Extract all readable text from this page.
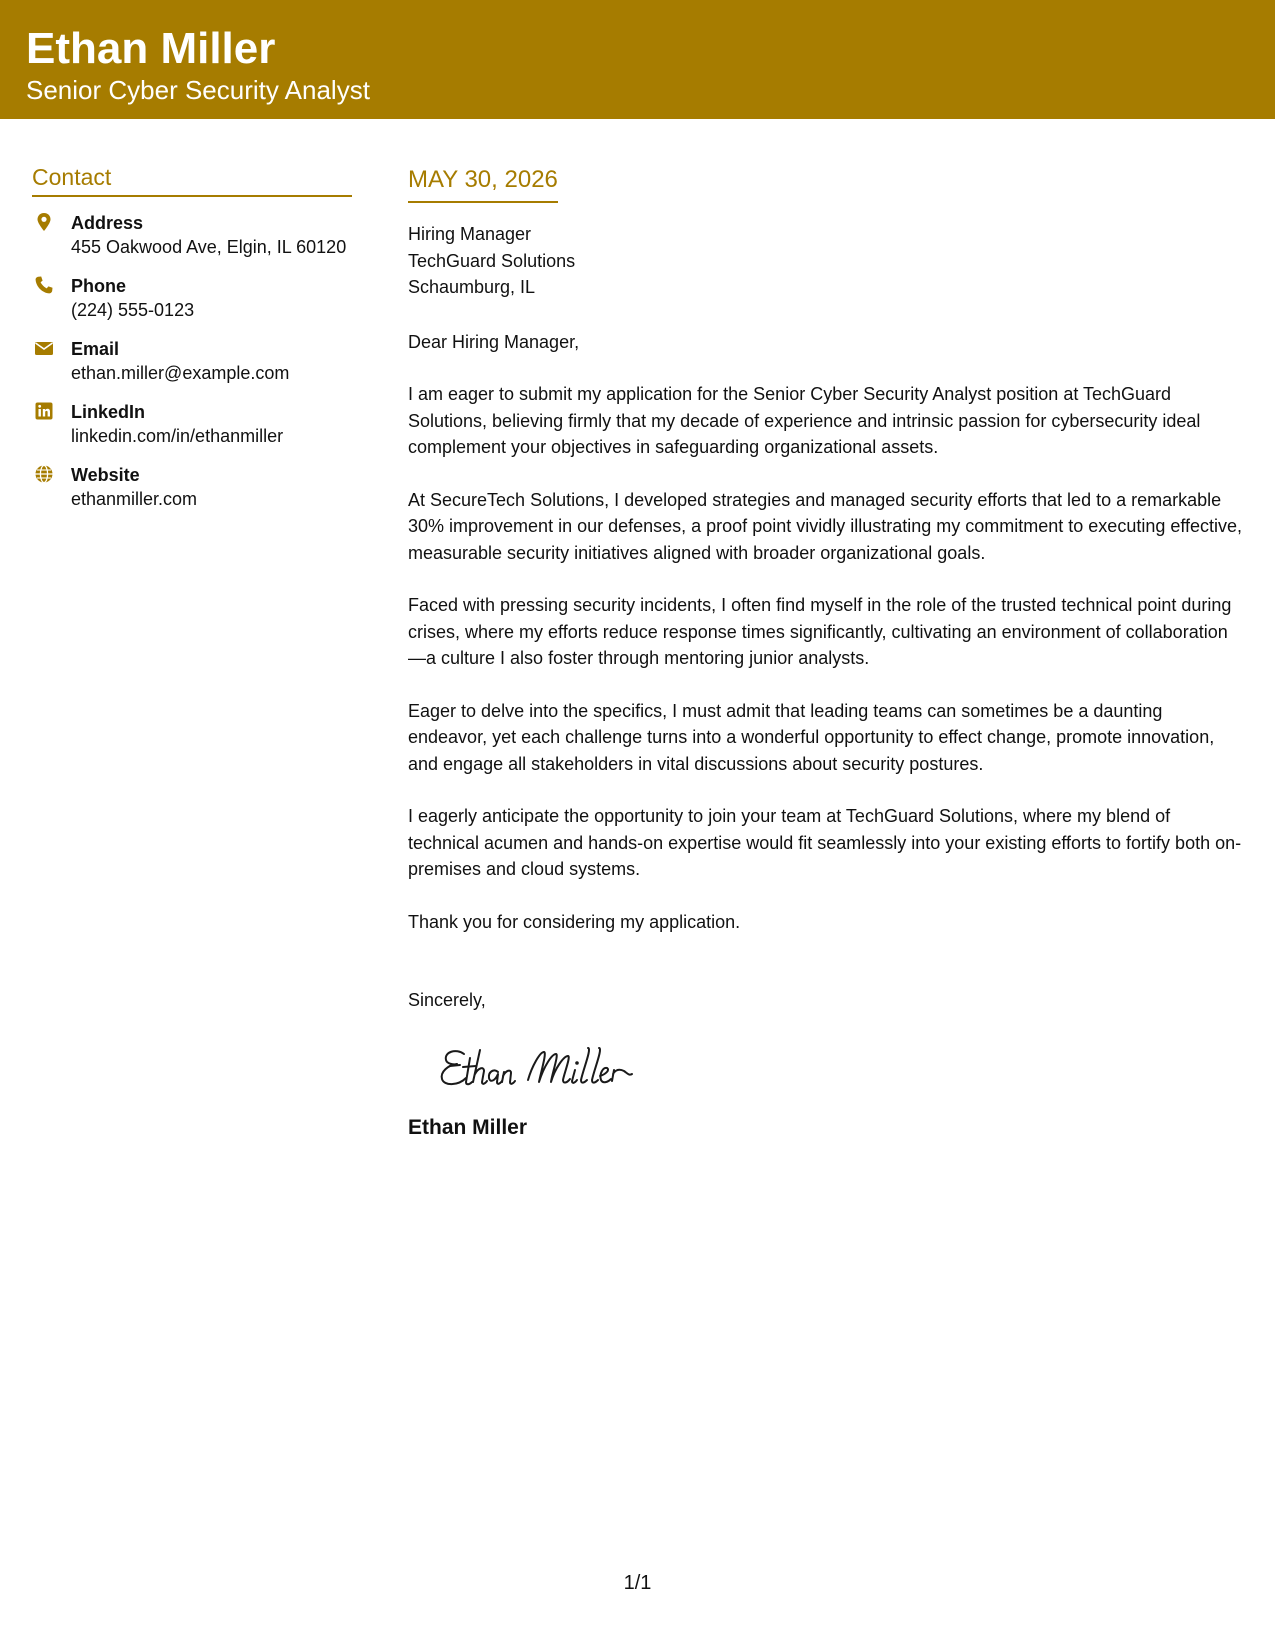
Ethan Miller
Senior Cyber Security Analyst
Contact
Address
455 Oakwood Ave, Elgin, IL 60120
Phone
(224) 555-0123
Email
ethan.miller@example.com
LinkedIn
linkedin.com/in/ethanmiller
Website
ethanmiller.com
MAY 30, 2026
Hiring Manager
TechGuard Solutions
Schaumburg, IL
Dear Hiring Manager,
I am eager to submit my application for the Senior Cyber Security Analyst position at TechGuard Solutions, believing firmly that my decade of experience and intrinsic passion for cybersecurity ideal complement your objectives in safeguarding organizational assets.
At SecureTech Solutions, I developed strategies and managed security efforts that led to a remarkable 30% improvement in our defenses, a proof point vividly illustrating my commitment to executing effective, measurable security initiatives aligned with broader organizational goals.
Faced with pressing security incidents, I often find myself in the role of the trusted technical point during crises, where my efforts reduce response times significantly, cultivating an environment of collaboration—a culture I also foster through mentoring junior analysts.
Eager to delve into the specifics, I must admit that leading teams can sometimes be a daunting endeavor, yet each challenge turns into a wonderful opportunity to effect change, promote innovation, and engage all stakeholders in vital discussions about security postures.
I eagerly anticipate the opportunity to join your team at TechGuard Solutions, where my blend of technical acumen and hands-on expertise would fit seamlessly into your existing efforts to fortify both on-premises and cloud systems.
Thank you for considering my application.
Sincerely,
Ethan Miller
1/1
